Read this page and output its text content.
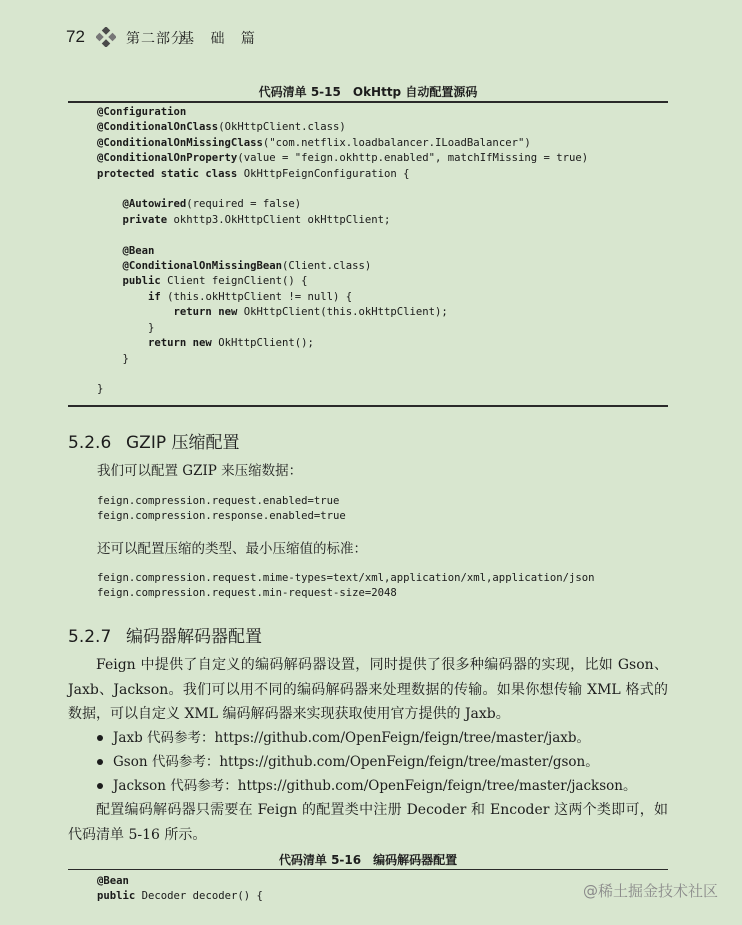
72	第二部分
基 础 篇
代码清单 5-15　OkHttp 自动配置源码
@Configuration
@ConditionalOnClass(OkHttpClient.class)
@ConditionalOnMissingClass("com.netflix.loadbalancer.ILoadBalancer")
@ConditionalOnProperty(value = "feign.okhttp.enabled", matchIfMissing = true)
protected static class OkHttpFeignConfiguration {

@Autowired(required = false)
private okhttp3.OkHttpClient okHttpClient;

@Bean
@ConditionalOnMissingBean(Client.class)
public Client feignClient() {
if (this.okHttpClient != null) {
return new OkHttpClient(this.okHttpClient);
}
return new OkHttpClient();
}

}
5.2.6 GZIP 压缩配置
我们可以配置 GZIP 来压缩数据：
feign.compression.request.enabled=true
feign.compression.response.enabled=true
还可以配置压缩的类型、最小压缩值的标准：
feign.compression.request.mime-types=text/xml,application/xml,application/json
feign.compression.request.min-request-size=2048
5.2.7 编码器解码器配置

Feign 中提供了自定义的编码解码器设置，同时提供了很多种编码器的实现，比如 Gson、Jaxb、Jackson。我们可以用不同的编码解码器来处理数据的传输。如果你想传输 XML 格式的数据，可以自定义 XML 编码解码器来实现获取使用官方提供的 Jaxb。

Jaxb 代码参考：https://github.com/OpenFeign/feign/tree/master/jaxb。
Gson 代码参考：https://github.com/OpenFeign/feign/tree/master/gson。
Jackson 代码参考：https://github.com/OpenFeign/feign/tree/master/jackson。

配置编码解码器只需要在 Feign 的配置类中注册 Decoder 和 Encoder 这两个类即可，如代码清单 5-16 所示。

代码清单 5-16　编码解码器配置
@Bean
public Decoder decoder() {	@稀土掘金技术社区
